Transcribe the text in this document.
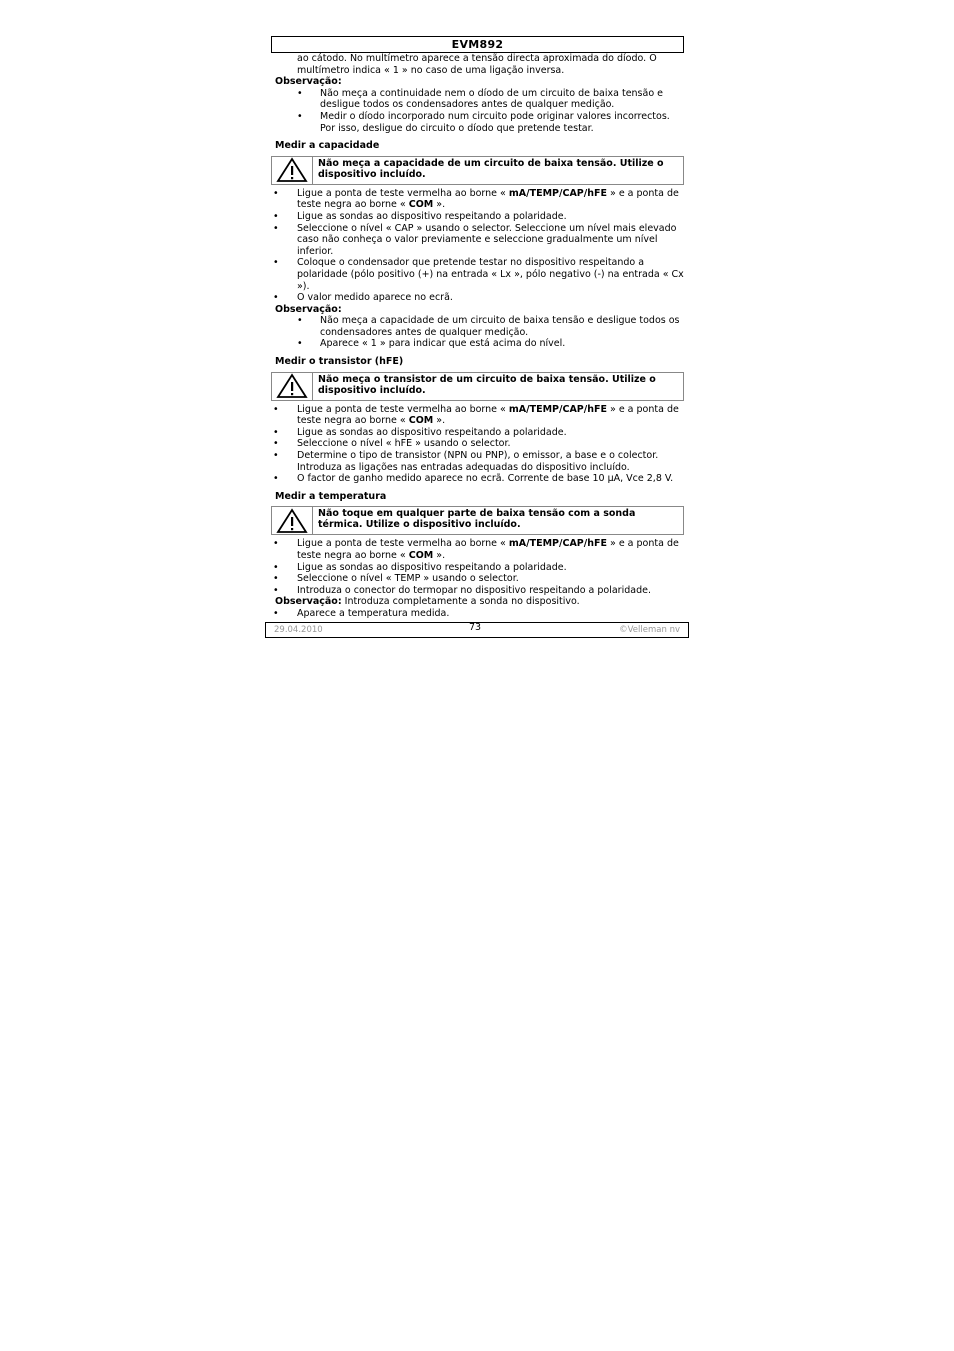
EVM892

ao cátodo. No multímetro aparece a tensão directa aproximada do díodo. O multímetro indica « 1 » no caso de uma ligação inversa.

Observação:

• Não meça a continuidade nem o díodo de um circuito de baixa tensão e desligue todos os condensadores antes de qualquer medição.
• Medir o díodo incorporado num circuito pode originar valores incorrectos. Por isso, desligue do circuito o díodo que pretende testar.
Medir a capacidade
Não meça a capacidade de um circuito de baixa tensão. Utilize o dispositivo incluído.
• Ligue a ponta de teste vermelha ao borne « mA/TEMP/CAP/hFE » e a ponta de teste negra ao borne « COM ».
• Ligue as sondas ao dispositivo respeitando a polaridade.
• Seleccione o nível « CAP » usando o selector. Seleccione um nível mais elevado caso não conheça o valor previamente e seleccione gradualmente um nível inferior.
• Coloque o condensador que pretende testar no dispositivo respeitando a polaridade (pólo positivo (+) na entrada « Lx », pólo negativo (-) na entrada « Cx »).
• O valor medido aparece no ecrã.

Observação:

• Não meça a capacidade de um circuito de baixa tensão e desligue todos os condensadores antes de qualquer medição.
• Aparece « 1 » para indicar que está acima do nível.
Medir o transistor (hFE)
Não meça o transistor de um circuito de baixa tensão. Utilize o dispositivo incluído.
• Ligue a ponta de teste vermelha ao borne « mA/TEMP/CAP/hFE » e a ponta de teste negra ao borne « COM ».
• Ligue as sondas ao dispositivo respeitando a polaridade.
• Seleccione o nível « hFE » usando o selector.
• Determine o tipo de transistor (NPN ou PNP), o emissor, a base e o colector. Introduza as ligações nas entradas adequadas do dispositivo incluído.
• O factor de ganho medido aparece no ecrã. Corrente de base 10 µA, Vce 2,8 V.
Medir a temperatura
Não toque em qualquer parte de baixa tensão com a sonda térmica. Utilize o dispositivo incluído.
• Ligue a ponta de teste vermelha ao borne « mA/TEMP/CAP/hFE » e a ponta de teste negra ao borne « COM ».
• Ligue as sondas ao dispositivo respeitando a polaridade.
• Seleccione o nível « TEMP » usando o selector.
• Introduza o conector do termopar no dispositivo respeitando a polaridade.

Observação: Introduza completamente a sonda no dispositivo.

• Aparece a temperatura medida.
29.04.2010	73	©Velleman nv
